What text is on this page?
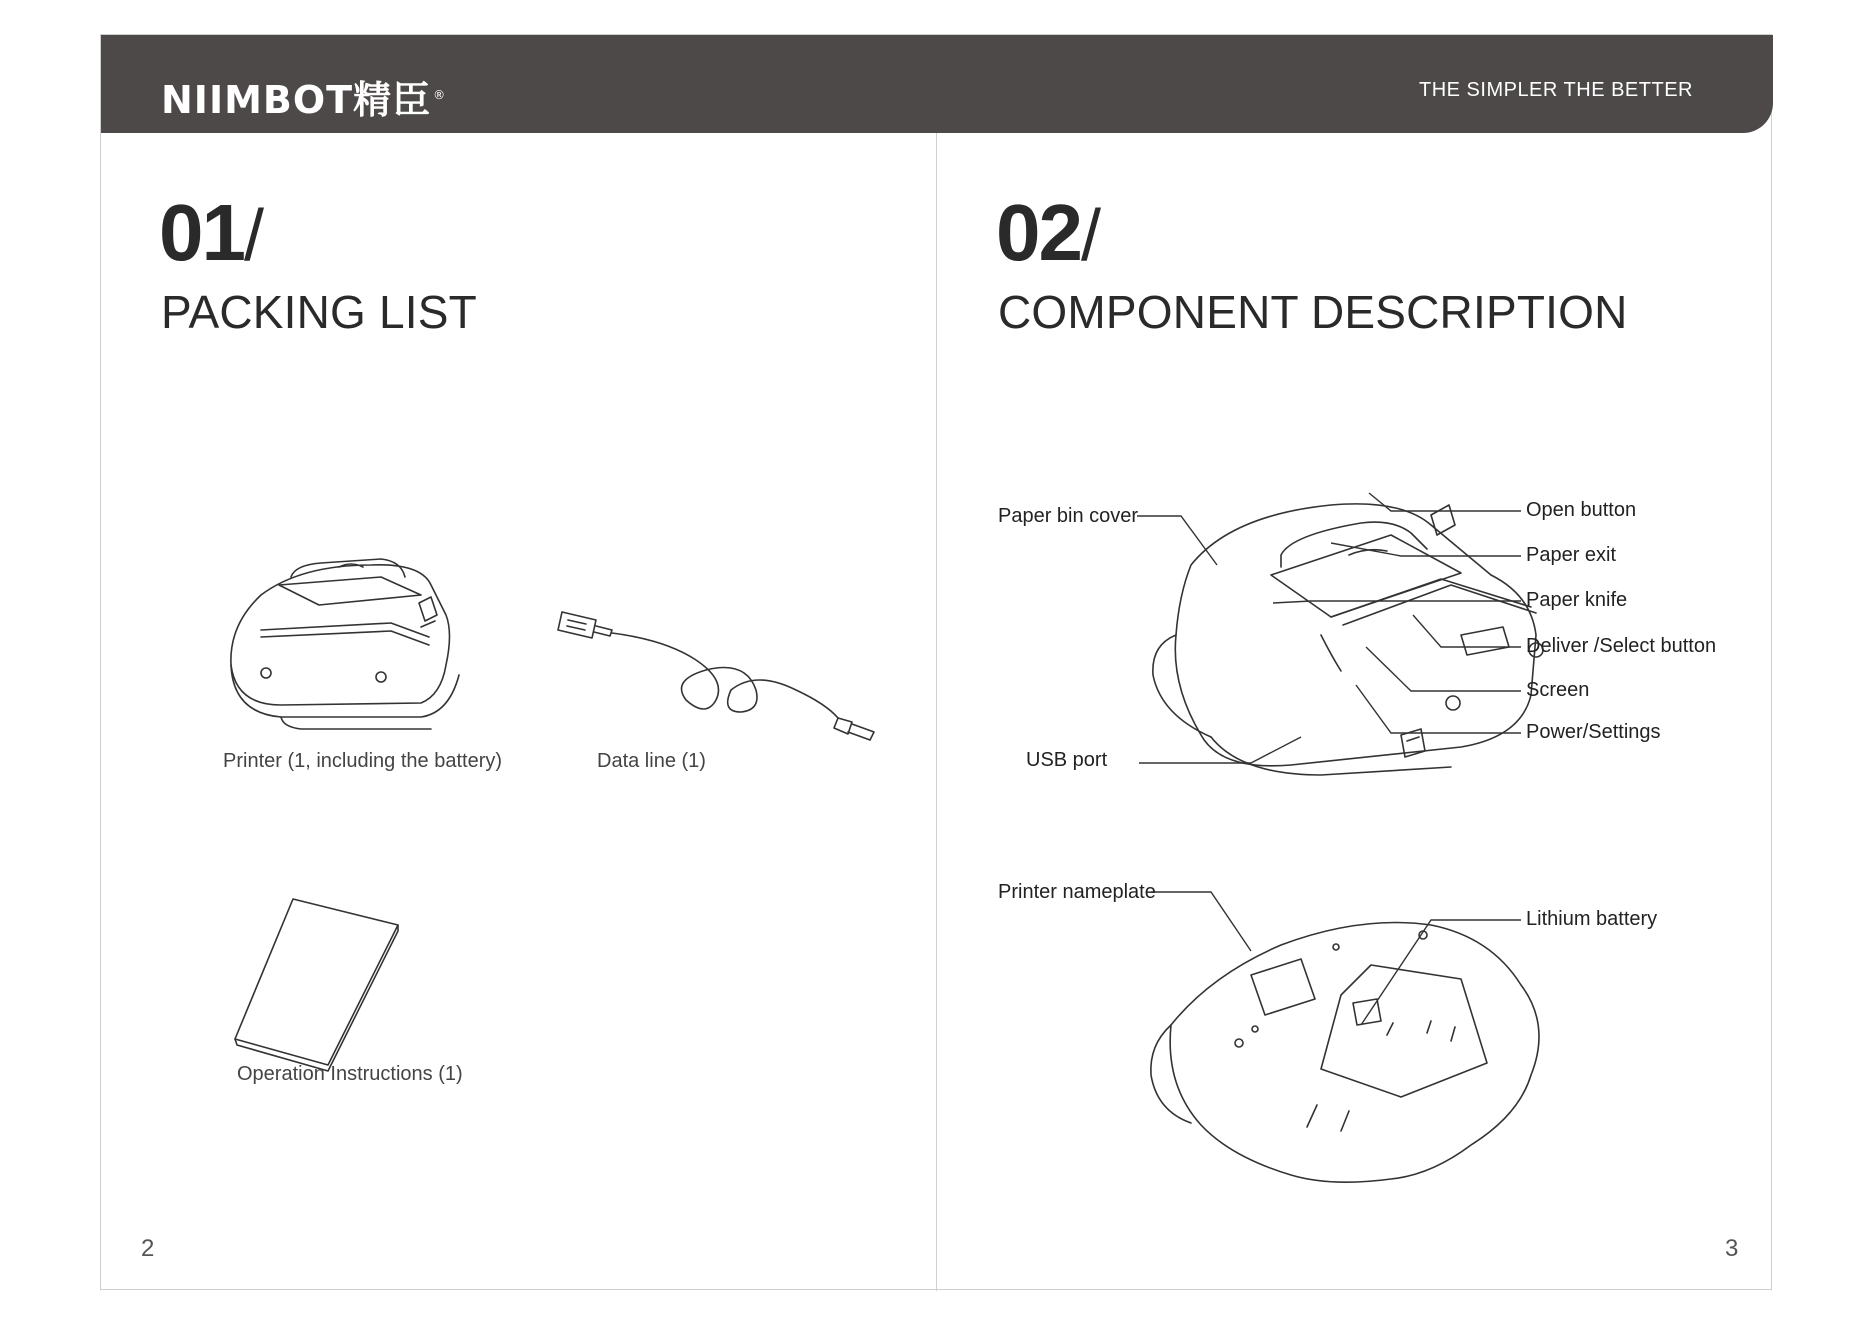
NIIMBOT精臣 ®	THE SIMPLER THE BETTER
01/
PACKING LIST
Printer (1, including the battery)	Data line (1)
Operation Instructions (1)
2
02/
COMPONENT DESCRIPTION
Paper bin cover
USB port
Open button
Paper exit
Paper knife
Deliver /Select button
Screen
Power/Settings
Printer nameplate
Lithium battery
3
